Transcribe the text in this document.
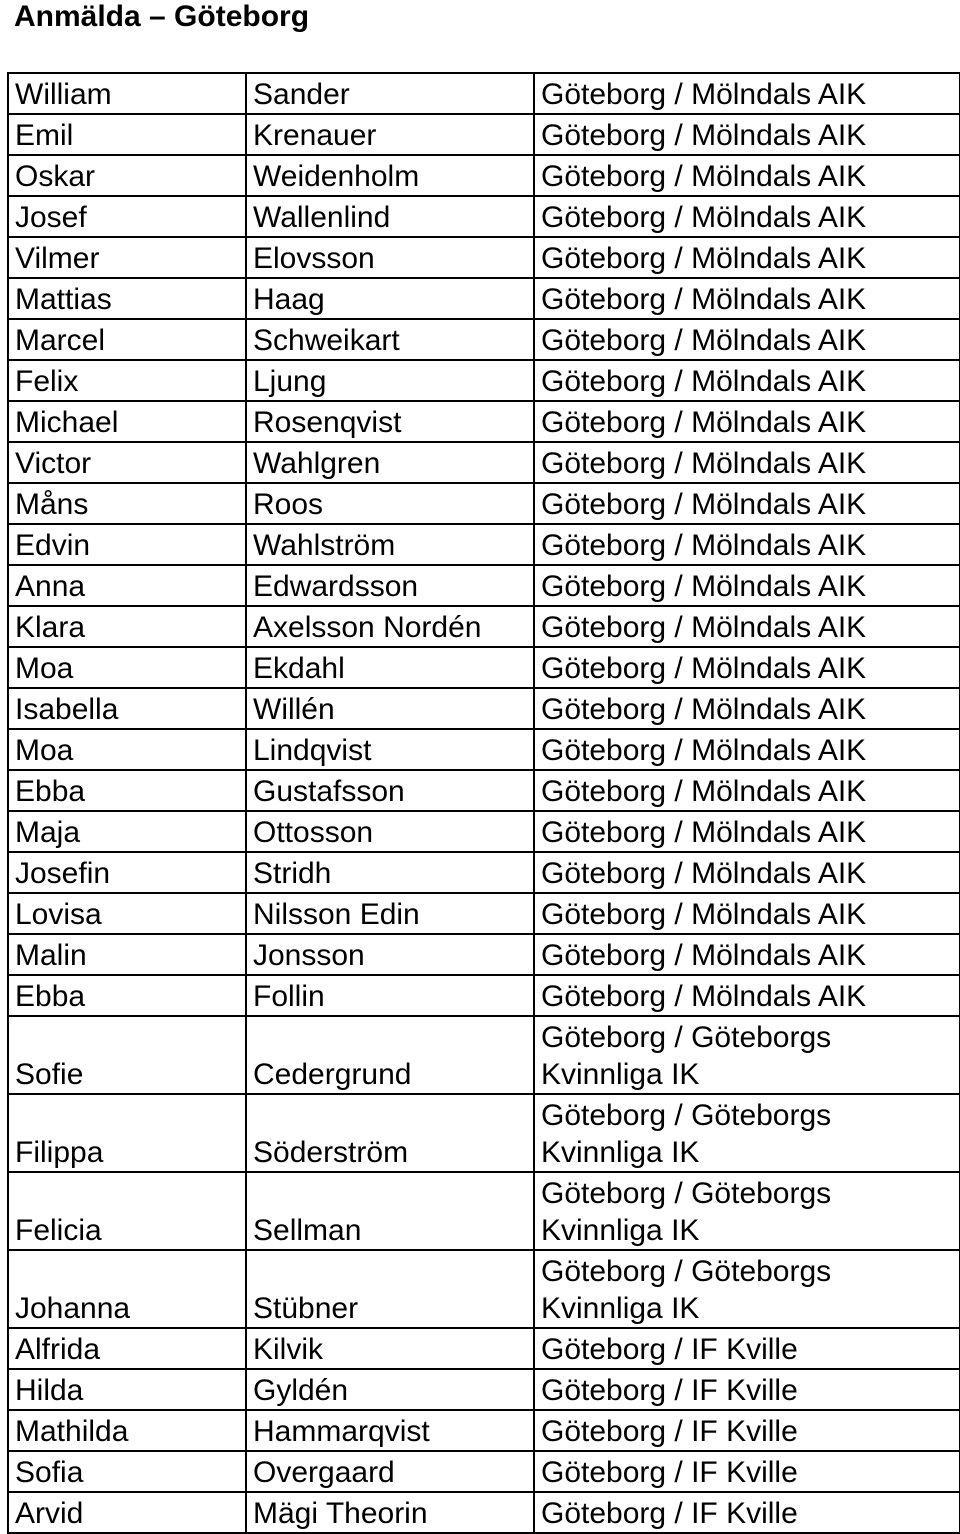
Anmälda – Göteborg
William	Sander	Göteborg / Mölndals AIK
Emil	Krenauer	Göteborg / Mölndals AIK
Oskar	Weidenholm	Göteborg / Mölndals AIK
Josef	Wallenlind	Göteborg / Mölndals AIK
Vilmer	Elovsson	Göteborg / Mölndals AIK
Mattias	Haag	Göteborg / Mölndals AIK
Marcel	Schweikart	Göteborg / Mölndals AIK
Felix	Ljung	Göteborg / Mölndals AIK
Michael	Rosenqvist	Göteborg / Mölndals AIK
Victor	Wahlgren	Göteborg / Mölndals AIK
Måns	Roos	Göteborg / Mölndals AIK
Edvin	Wahlström	Göteborg / Mölndals AIK
Anna	Edwardsson	Göteborg / Mölndals AIK
Klara	Axelsson Nordén	Göteborg / Mölndals AIK
Moa	Ekdahl	Göteborg / Mölndals AIK
Isabella	Willén	Göteborg / Mölndals AIK
Moa	Lindqvist	Göteborg / Mölndals AIK
Ebba	Gustafsson	Göteborg / Mölndals AIK
Maja	Ottosson	Göteborg / Mölndals AIK
Josefin	Stridh	Göteborg / Mölndals AIK
Lovisa	Nilsson Edin	Göteborg / Mölndals AIK
Malin	Jonsson	Göteborg / Mölndals AIK
Ebba	Follin	Göteborg / Mölndals AIK
Sofie	Cedergrund	Göteborg / Göteborgs Kvinnliga IK
Filippa	Söderström	Göteborg / Göteborgs Kvinnliga IK
Felicia	Sellman	Göteborg / Göteborgs Kvinnliga IK
Johanna	Stübner	Göteborg / Göteborgs Kvinnliga IK
Alfrida	Kilvik	Göteborg / IF Kville
Hilda	Gyldén	Göteborg / IF Kville
Mathilda	Hammarqvist	Göteborg / IF Kville
Sofia	Overgaard	Göteborg / IF Kville
Arvid	Mägi Theorin	Göteborg / IF Kville
